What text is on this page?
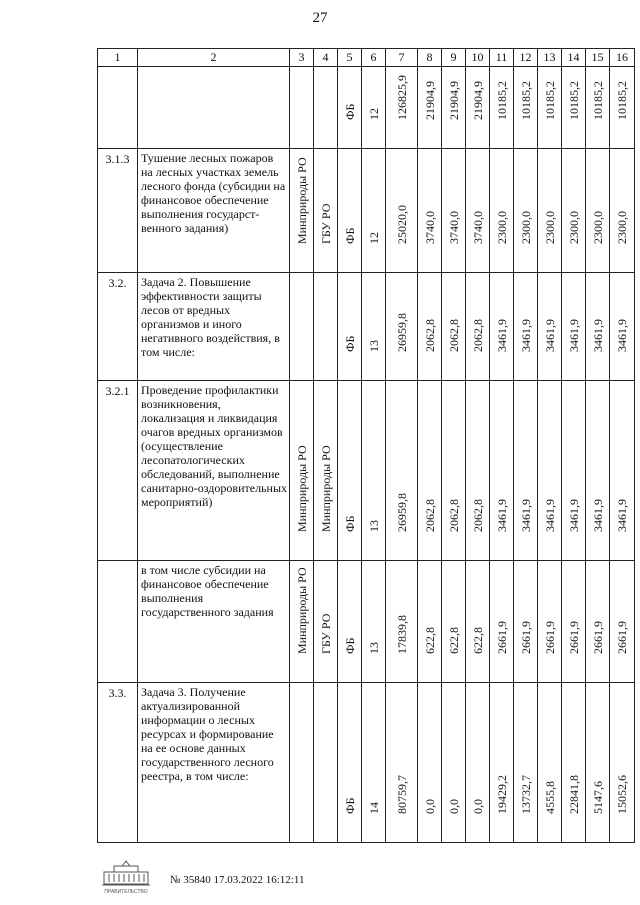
27
1	2	3	4	5	6	7	8	9	10	11	12	13	14	15	16

				ФБ	12	126825,9	21904,9	21904,9	21904,9	10185,2	10185,2	10185,2	10185,2	10185,2	10185,2

3.1.3	Тушение лесных пожаров на лесных участках земель лесного фонда (субсидии на финансовое обеспечение выполнения государст-венного задания)	Минприроды РО	ГБУ РО	ФБ	12	25020,0	3740,0	3740,0	3740,0	2300,0	2300,0	2300,0	2300,0	2300,0	2300,0

3.2.	Задача 2. Повышение эффективности защиты лесов от вредных организмов и иного негативного воздействия, в том числе:			ФБ	13	26959,8	2062,8	2062,8	2062,8	3461,9	3461,9	3461,9	3461,9	3461,9	3461,9

3.2.1	Проведение профилактики возникновения, локализация и ликвидация очагов вредных организмов (осуществление лесопатологических обследований, выполнение санитарно-оздоровительных мероприятий)	Минприроды РО	Минприроды РО	ФБ	13	26959,8	2062,8	2062,8	2062,8	3461,9	3461,9	3461,9	3461,9	3461,9	3461,9

	в том числе субсидии на финансовое обеспечение выполнения государственного задания	Минприроды РО	ГБУ РО	ФБ	13	17839,8	622,8	622,8	622,8	2661,9	2661,9	2661,9	2661,9	2661,9	2661,9

3.3.	Задача 3. Получение актуализированной информации о лесных ресурсах и формирование на ее основе данных государственного лесного реестра, в том числе:			ФБ	14	80759,7	0,0	0,0	0,0	19429,2	13732,7	4555,8	22841,8	5147,6	15052,6
ПРАВИТЕЛЬСТВО
№ 35840 17.03.2022 16:12:11
